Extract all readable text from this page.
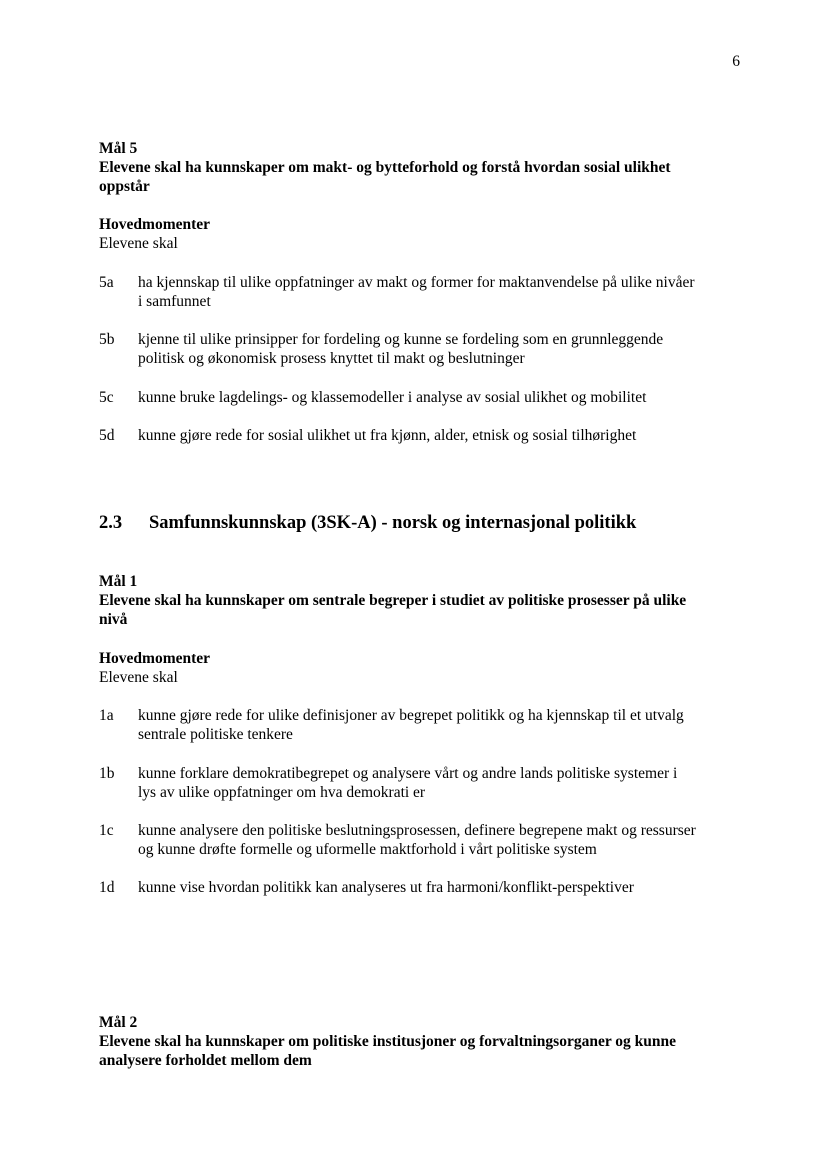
6
Mål 5
Elevene skal ha kunnskaper om makt- og bytteforhold og forstå hvordan sosial ulikhet
oppstår
Hovedmomenter
Elevene skal
5a	ha kjennskap til ulike oppfatninger av makt og former for maktanvendelse på ulike nivåer
i samfunnet
5b	kjenne til ulike prinsipper for fordeling og kunne se fordeling som en grunnleggende
politisk og økonomisk prosess knyttet til makt og beslutninger
5c	kunne bruke lagdelings- og klassemodeller i analyse av sosial ulikhet og mobilitet
5d	kunne gjøre rede for sosial ulikhet ut fra kjønn, alder, etnisk og sosial tilhørighet
2.3	Samfunnskunnskap (3SK-A) - norsk og internasjonal politikk
Mål 1
Elevene skal ha kunnskaper om sentrale begreper i studiet av politiske prosesser på ulike
nivå
Hovedmomenter
Elevene skal
1a	kunne gjøre rede for ulike definisjoner av begrepet politikk og ha kjennskap til et utvalg
sentrale politiske tenkere
1b	kunne forklare demokratibegrepet og analysere vårt og andre lands politiske systemer i
lys av ulike oppfatninger om hva demokrati er
1c	kunne analysere den politiske beslutningsprosessen, definere begrepene makt og ressurser
og kunne drøfte formelle og uformelle maktforhold i vårt politiske system
1d	kunne vise hvordan politikk kan analyseres ut fra harmoni/konflikt-perspektiver
Mål 2
Elevene skal ha kunnskaper om politiske institusjoner og forvaltningsorganer og kunne
analysere forholdet mellom dem
